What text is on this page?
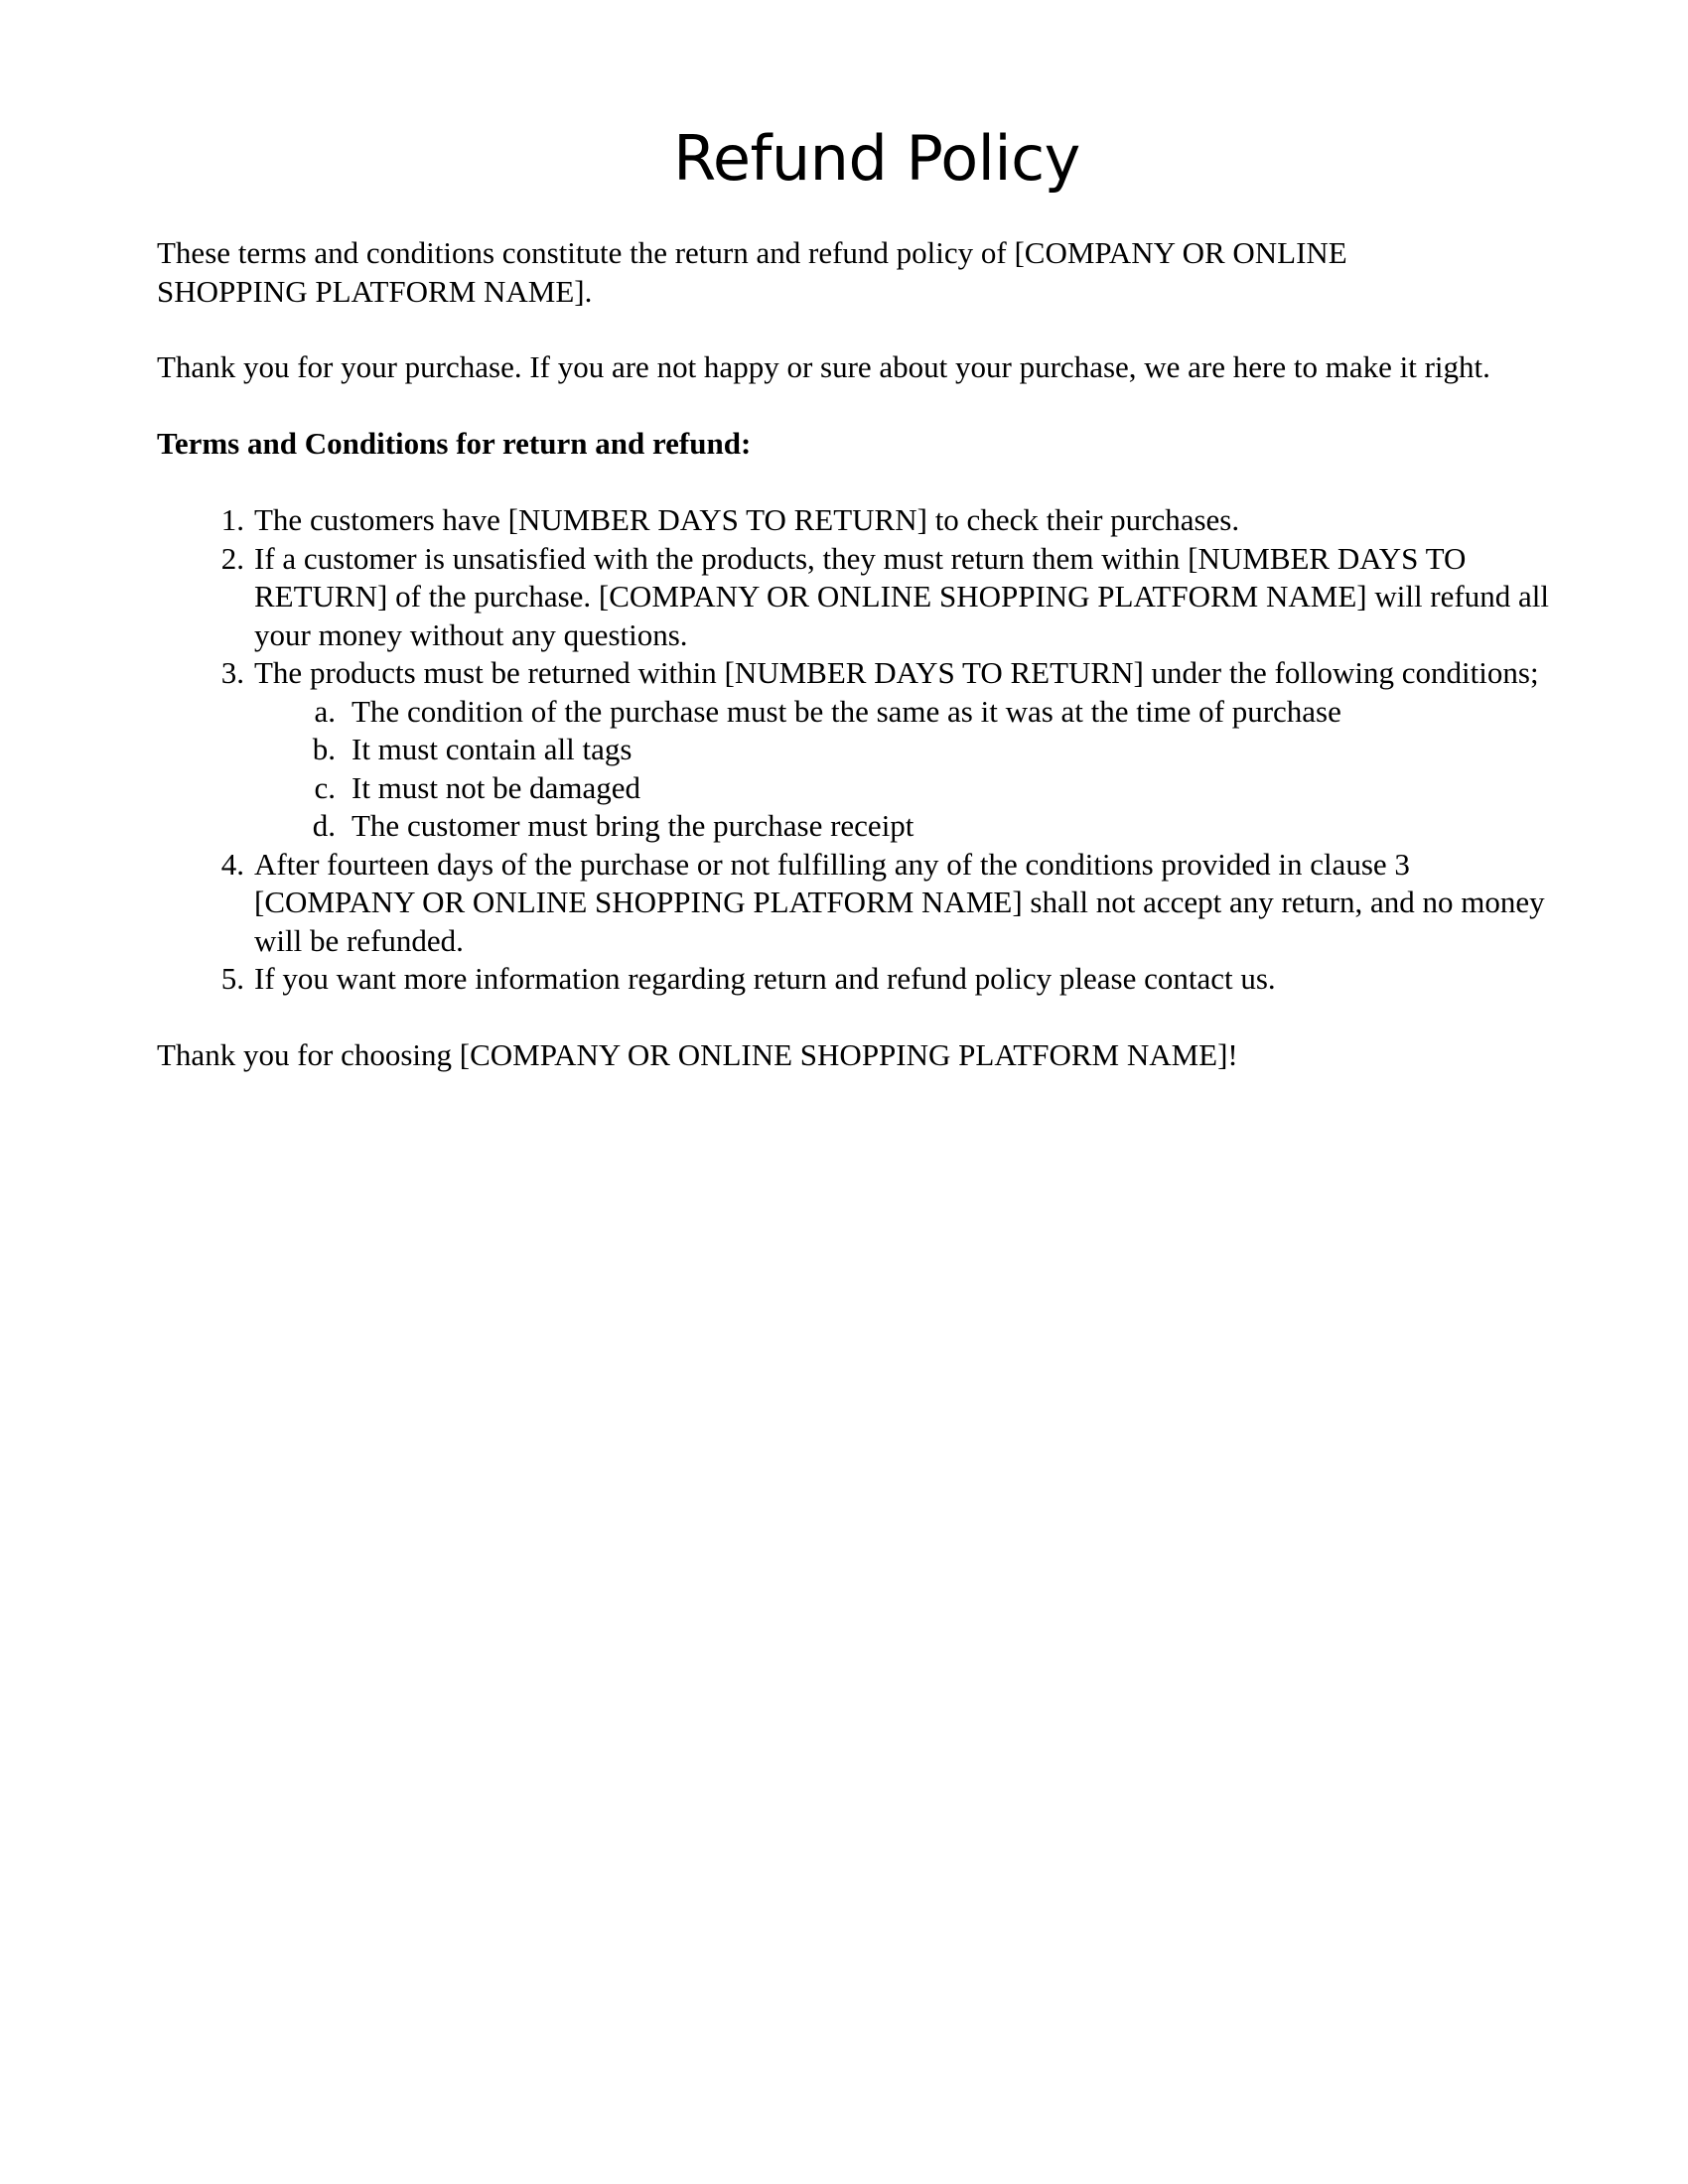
Refund Policy

These terms and conditions constitute the return and refund policy of [COMPANY OR ONLINE SHOPPING PLATFORM NAME].

Thank you for your purchase. If you are not happy or sure about your purchase, we are here to make it right.

Terms and Conditions for return and refund:

1. The customers have [NUMBER DAYS TO RETURN] to check their purchases.
2. If a customer is unsatisfied with the products, they must return them within [NUMBER DAYS TO RETURN] of the purchase. [COMPANY OR ONLINE SHOPPING PLATFORM NAME] will refund all your money without any questions.
3. The products must be returned within [NUMBER DAYS TO RETURN] under the following conditions;
a. The condition of the purchase must be the same as it was at the time of purchase
b. It must contain all tags
c. It must not be damaged
d. The customer must bring the purchase receipt
4. After fourteen days of the purchase or not fulfilling any of the conditions provided in clause 3 [COMPANY OR ONLINE SHOPPING PLATFORM NAME] shall not accept any return, and no money will be refunded.
5. If you want more information regarding return and refund policy please contact us.

Thank you for choosing [COMPANY OR ONLINE SHOPPING PLATFORM NAME]!
